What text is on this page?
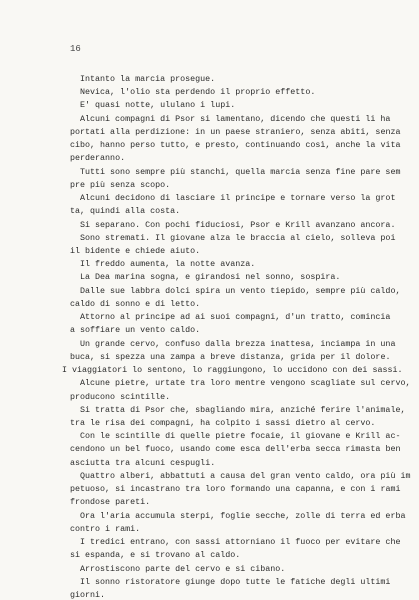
16
Intanto la marcia prosegue.
Nevica, l'olio sta perdendo il proprio effetto.
E' quasi notte, ululano i lupi.
Alcuni compagni di Psor si lamentano, dicendo che questi li ha
portati alla perdizione: in un paese straniero, senza abiti, senza
cibo, hanno perso tutto, e presto, continuando così, anche la vita
perderanno.
Tutti sono sempre più stanchi, quella marcia senza fine pare sem
pre più senza scopo.
Alcuni decidono di lasciare il principe e tornare verso la grot
ta, quindi alla costa.
Si separano. Con pochi fiduciosi, Psor e Krill avanzano ancora.
Sono stremati. Il giovane alza le braccia al cielo, solleva poi
il bidente e chiede aiuto.
Il freddo aumenta, la notte avanza.
La Dea marina sogna, e girandosi nel sonno, sospira.
Dalle sue labbra dolci spira un vento tiepido, sempre più caldo,
caldo di sonno e di letto.
Attorno al principe ad ai suoi compagni, d'un tratto, comincia
a soffiare un vento caldo.
Un grande cervo, confuso dalla brezza inattesa, inciampa in una
buca, si spezza una zampa a breve distanza, grida per il dolore.
I viaggiatori lo sentono, lo raggiungono, lo uccidono con dei sassi.
Alcune pietre, urtate tra loro mentre vengono scagliate sul cervo,
producono scintille.
Si tratta di Psor che, sbagliando mira, anziché ferire l'animale,
tra le risa dei compagni, ha colpito i sassi dietro al cervo.
Con le scintille di quelle pietre focaie, il giovane e Krill ac-
cendono un bel fuoco, usando come esca dell'erba secca rimasta ben
asciutta tra alcuni cespugli.
Quattro alberi, abbattuti a causa del gran vento caldo, ora più im
petuoso, si incastrano tra loro formando una capanna, e con i rami
frondose pareti.
Ora l'aria accumula sterpi, foglie secche, zolle di terra ed erba
contro i rami.
I tredici entrano, con sassi attorniano il fuoco per evitare che
si espanda, e si trovano al caldo.
Arrostiscono parte del cervo e si cibano.
Il sonno ristoratore giunge dopo tutte le fatiche degli ultimi
giorni.
